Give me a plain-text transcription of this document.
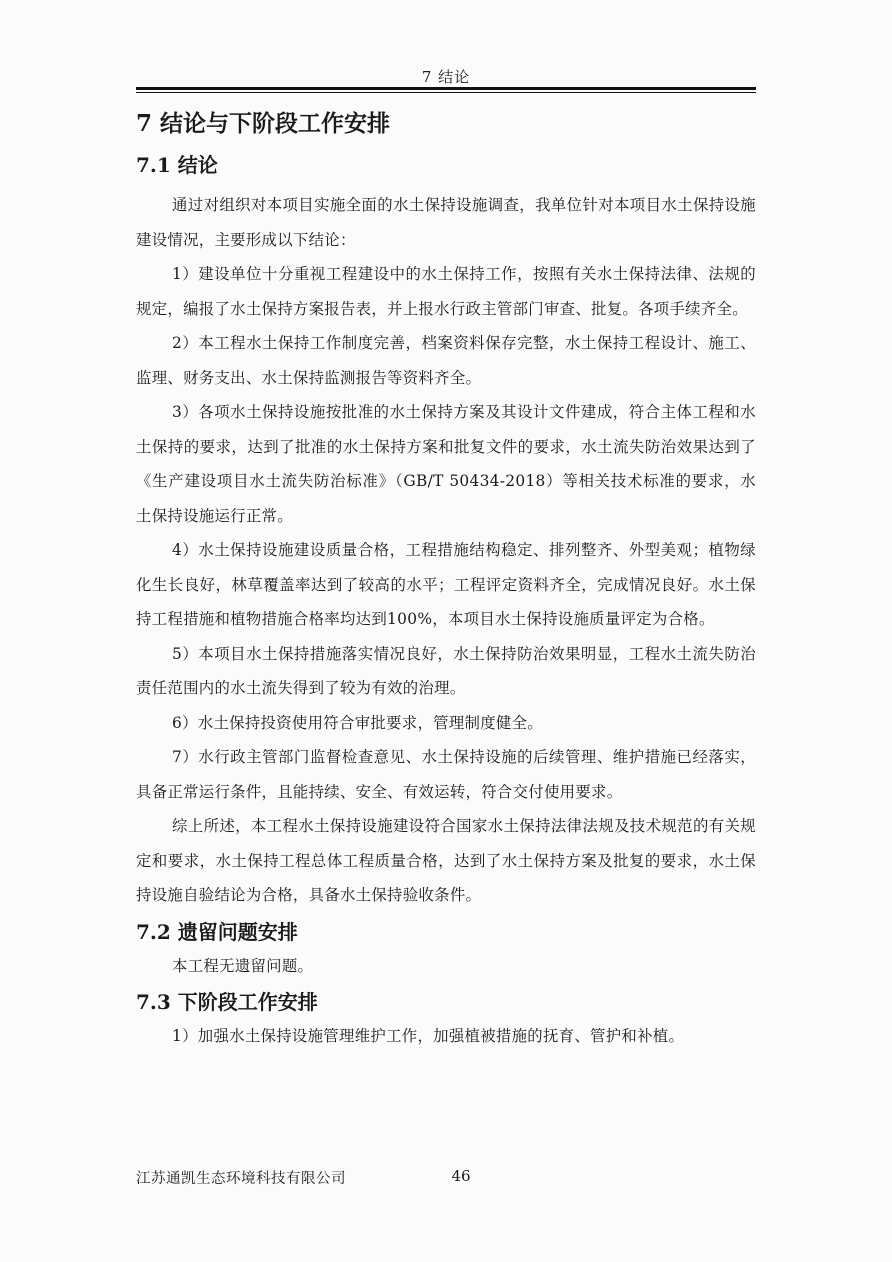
7 结论
7 结论与下阶段工作安排
7.1 结论

通过对组织对本项目实施全面的水土保持设施调查，我单位针对本项目水土保持设施建设情况，主要形成以下结论：

1）建设单位十分重视工程建设中的水土保持工作，按照有关水土保持法律、法规的规定，编报了水土保持方案报告表，并上报水行政主管部门审查、批复。各项手续齐全。

2）本工程水土保持工作制度完善，档案资料保存完整，水土保持工程设计、施工、监理、财务支出、水土保持监测报告等资料齐全。

3）各项水土保持设施按批准的水土保持方案及其设计文件建成，符合主体工程和水土保持的要求，达到了批准的水土保持方案和批复文件的要求，水土流失防治效果达到了《生产建设项目水土流失防治标准》（GB/T 50434-2018）等相关技术标准的要求，水土保持设施运行正常。

4）水土保持设施建设质量合格，工程措施结构稳定、排列整齐、外型美观；植物绿化生长良好，林草覆盖率达到了较高的水平；工程评定资料齐全，完成情况良好。水土保持工程措施和植物措施合格率均达到100%，本项目水土保持设施质量评定为合格。

5）本项目水土保持措施落实情况良好，水土保持防治效果明显，工程水土流失防治责任范围内的水土流失得到了较为有效的治理。

6）水土保持投资使用符合审批要求，管理制度健全。

7）水行政主管部门监督检查意见、水土保持设施的后续管理、维护措施已经落实，具备正常运行条件，且能持续、安全、有效运转，符合交付使用要求。

综上所述，本工程水土保持设施建设符合国家水土保持法律法规及技术规范的有关规定和要求，水土保持工程总体工程质量合格，达到了水土保持方案及批复的要求，水土保持设施自验结论为合格，具备水土保持验收条件。

7.2 遗留问题安排

本工程无遗留问题。

7.3 下阶段工作安排

1）加强水土保持设施管理维护工作，加强植被措施的抚育、管护和补植。

江苏通凯生态环境科技有限公司	46
